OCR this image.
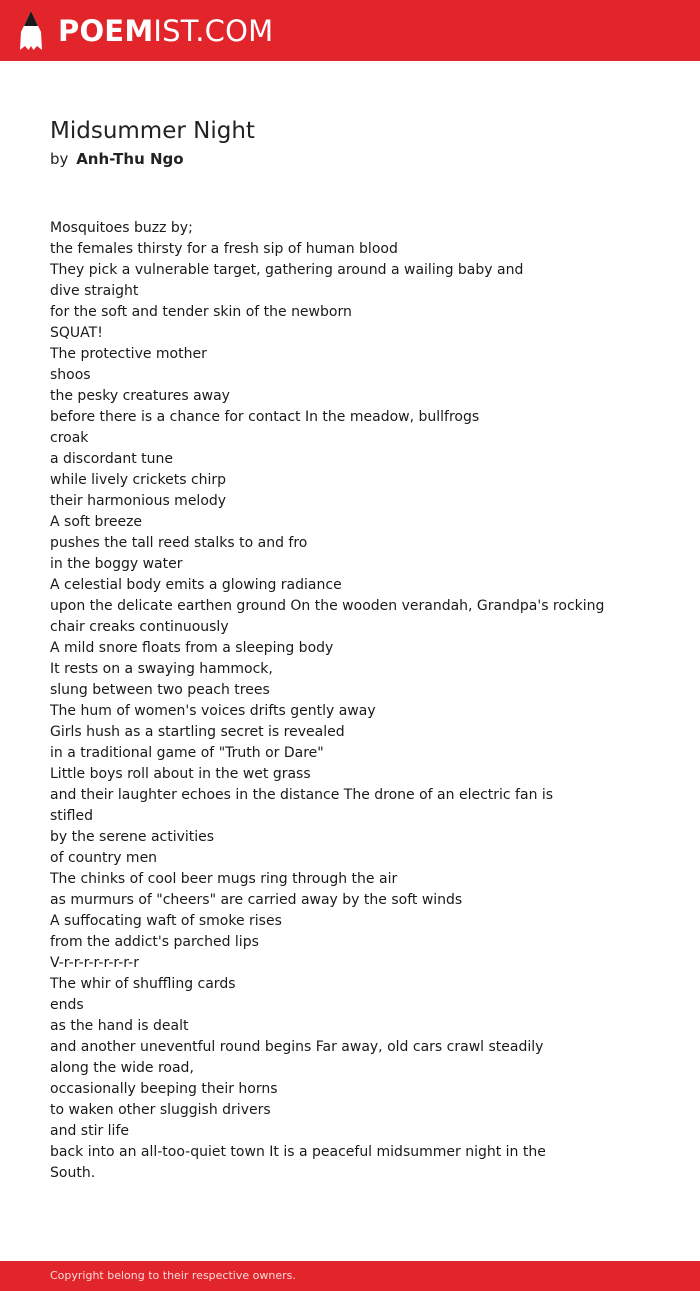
POEMIST.COM
Midsummer Night
by Anh-Thu Ngo
Mosquitoes buzz by;
the females thirsty for a fresh sip of human blood
They pick a vulnerable target, gathering around a wailing baby and
dive straight
for the soft and tender skin of the newborn
SQUAT!
The protective mother
shoos
the pesky creatures away
before there is a chance for contact In the meadow, bullfrogs
croak
a discordant tune
while lively crickets chirp
their harmonious melody
A soft breeze
pushes the tall reed stalks to and fro
in the boggy water
A celestial body emits a glowing radiance
upon the delicate earthen ground On the wooden verandah, Grandpa's rocking
chair creaks continuously
A mild snore floats from a sleeping body
It rests on a swaying hammock,
slung between two peach trees
The hum of women's voices drifts gently away
Girls hush as a startling secret is revealed
in a traditional game of "Truth or Dare"
Little boys roll about in the wet grass
and their laughter echoes in the distance The drone of an electric fan is
stifled
by the serene activities
of country men
The chinks of cool beer mugs ring through the air
as murmurs of "cheers" are carried away by the soft winds
A suffocating waft of smoke rises
from the addict's parched lips
V-r-r-r-r-r-r-r-r
The whir of shuffling cards
ends
as the hand is dealt
and another uneventful round begins Far away, old cars crawl steadily
along the wide road,
occasionally beeping their horns
to waken other sluggish drivers
and stir life
back into an all-too-quiet town It is a peaceful midsummer night in the
South.
Copyright belong to their respective owners.
